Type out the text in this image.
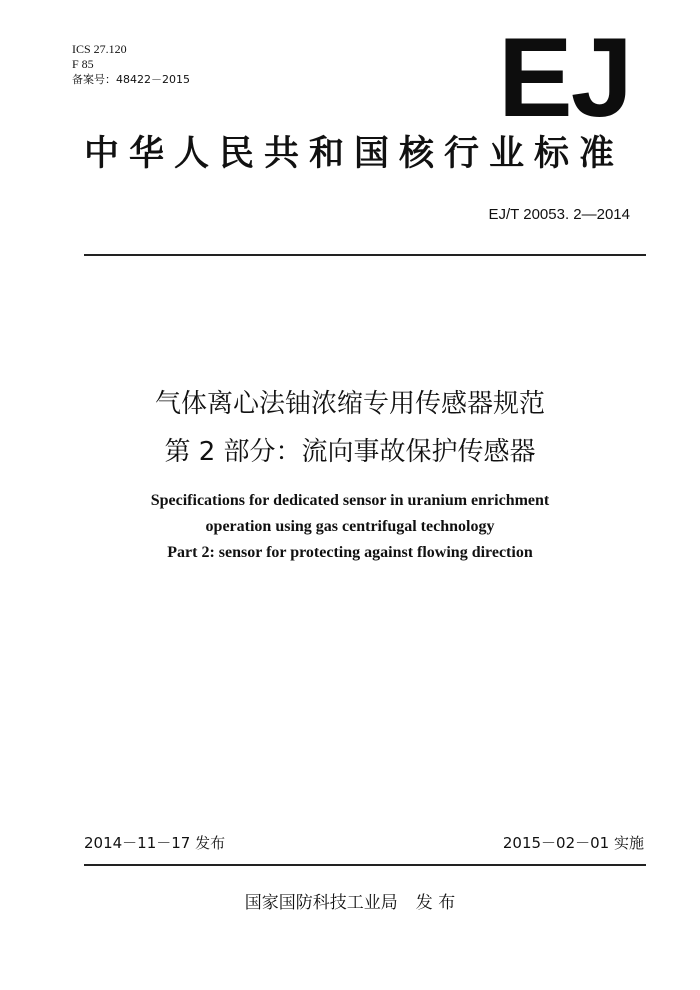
ICS 27.120
F 85
备案号：48422－2015	EJ
中华人民共和国核行业标准
EJ/T 20053. 2—2014
气体离心法铀浓缩专用传感器规范
第 2 部分：流向事故保护传感器
Specifications for dedicated sensor in uranium enrichment
operation using gas centrifugal technology
Part 2: sensor for protecting against flowing direction
2014－11－17 发布	2015－02－01 实施
国家国防科技工业局 发 布
